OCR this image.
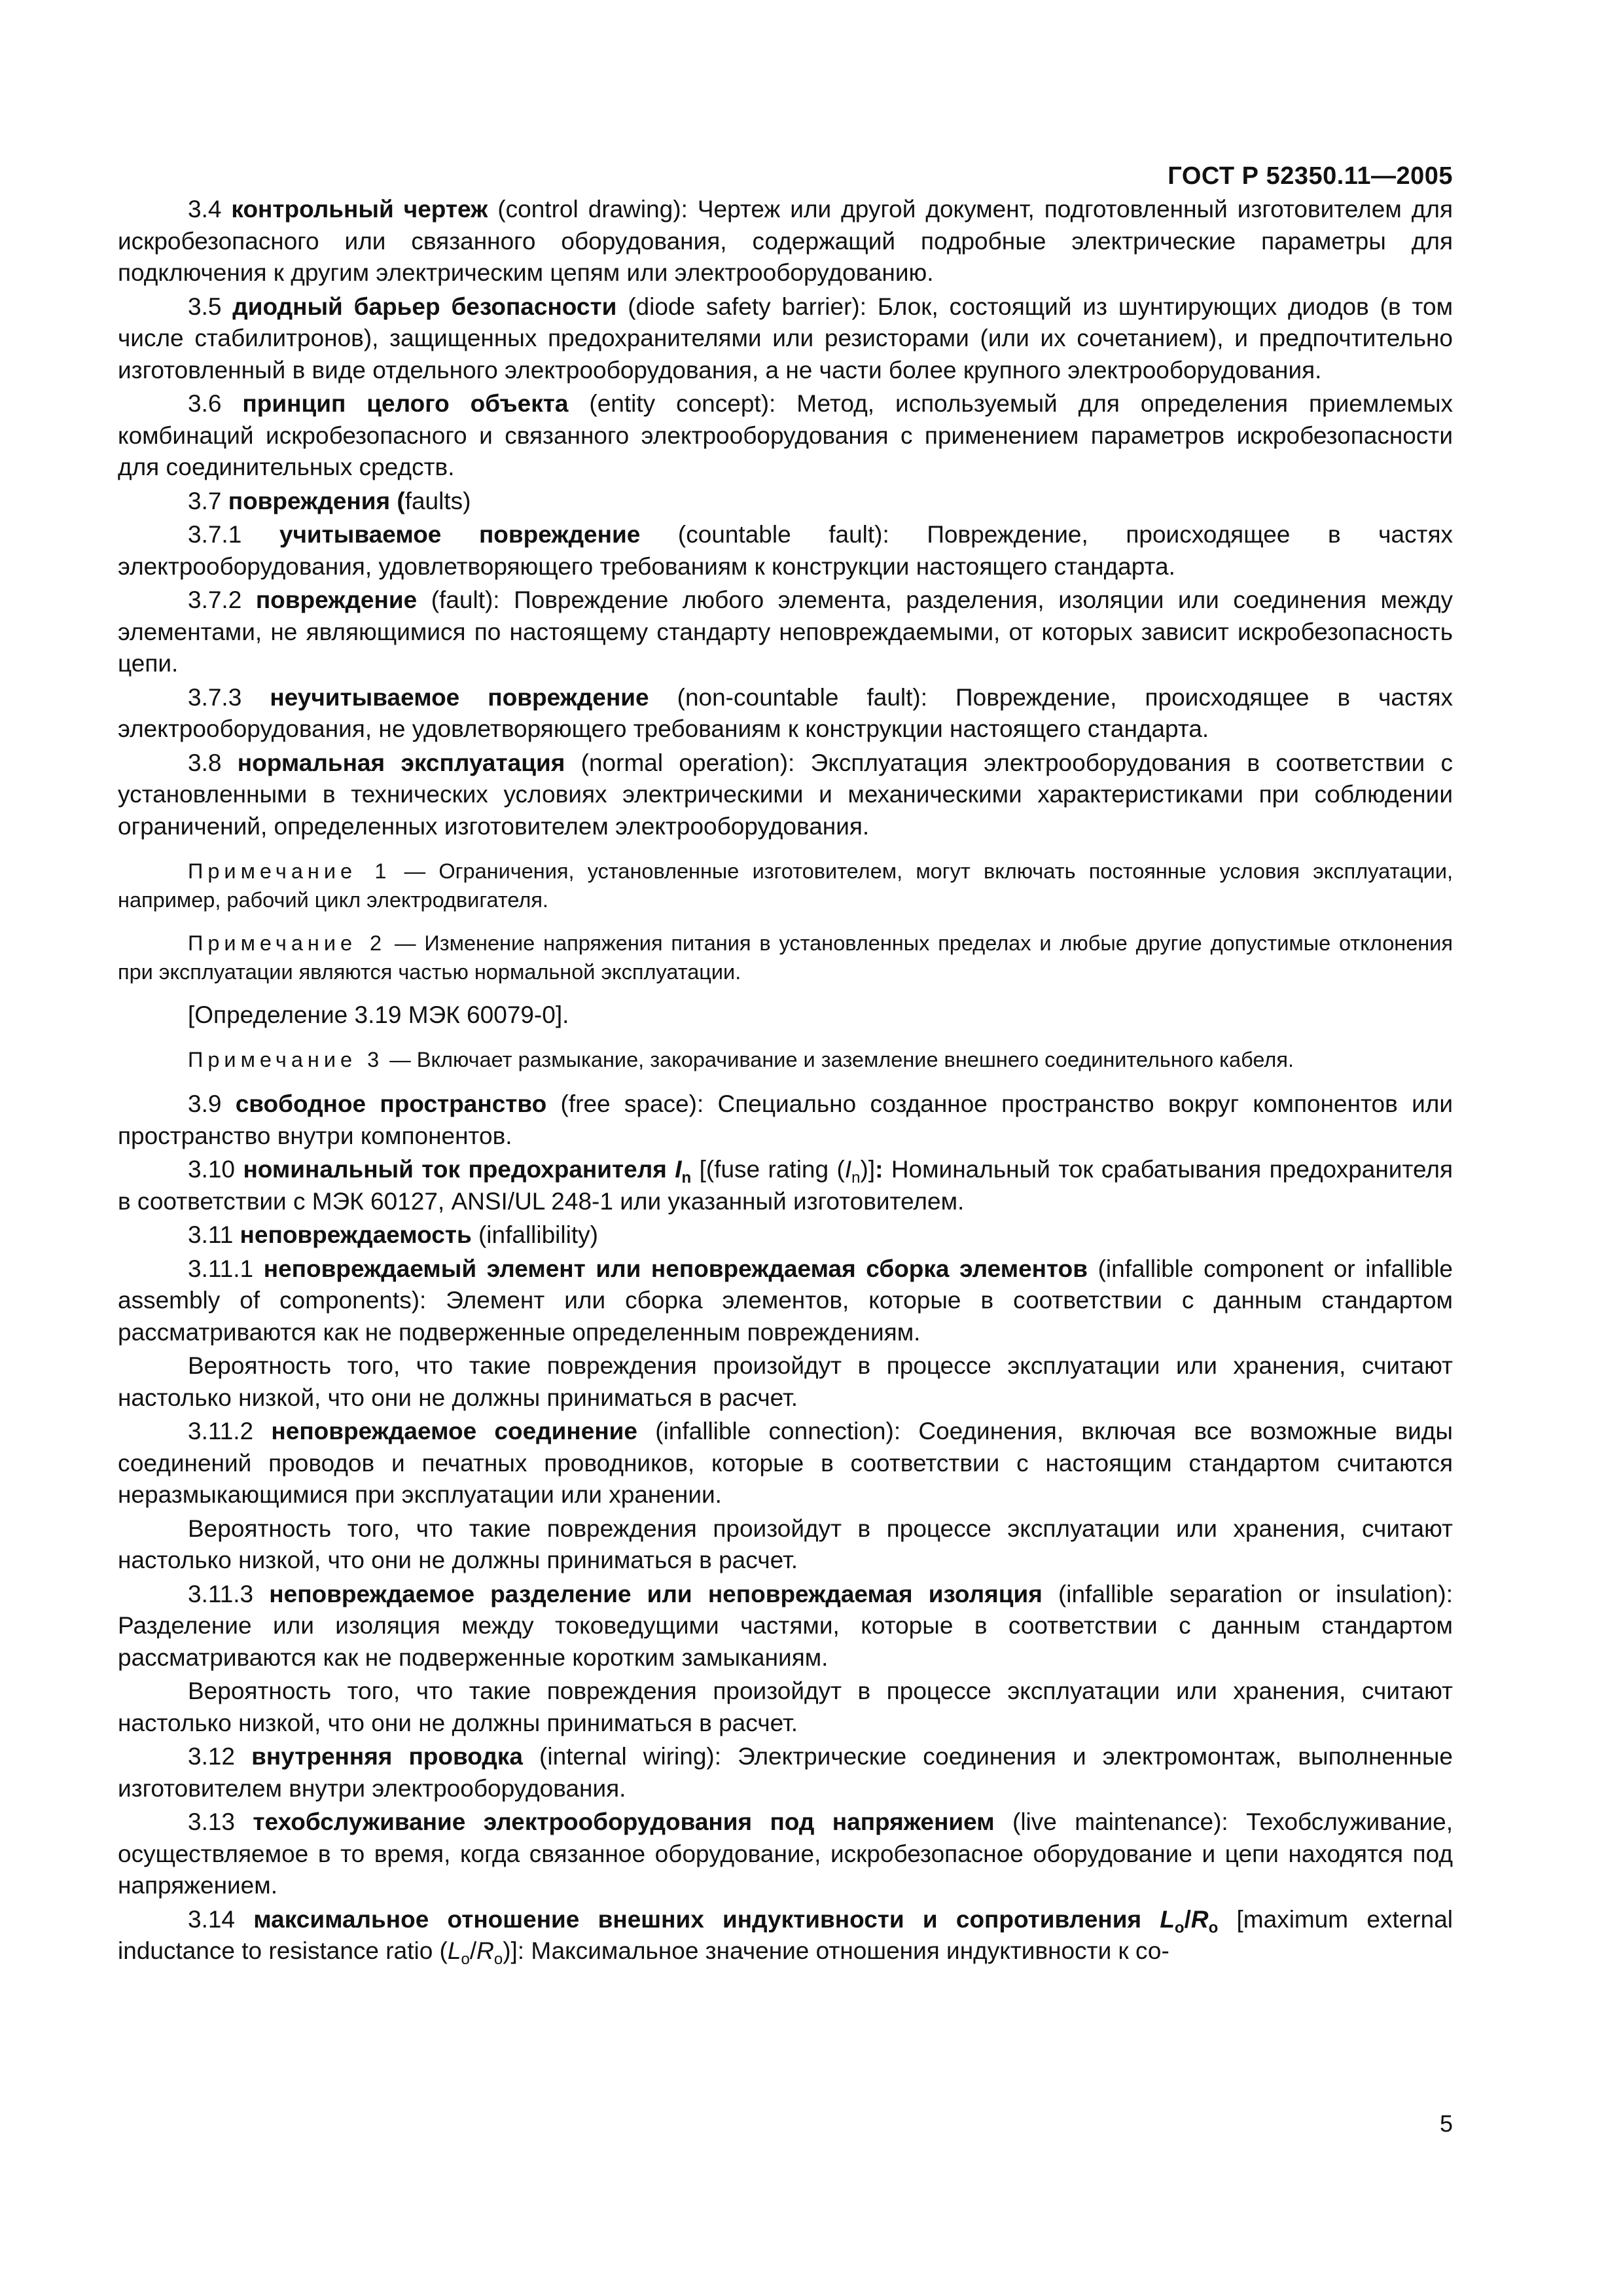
ГОСТ Р 52350.11—2005

3.4 контрольный чертеж (control drawing): Чертеж или другой документ, подготовленный изготовителем для искробезопасного или связанного оборудования, содержащий подробные электрические параметры для подключения к другим электрическим цепям или электрооборудованию.

3.5 диодный барьер безопасности (diode safety barrier): Блок, состоящий из шунтирующих диодов (в том числе стабилитронов), защищенных предохранителями или резисторами (или их сочетанием), и предпочтительно изготовленный в виде отдельного электрооборудования, а не части более крупного электрооборудования.

3.6 принцип целого объекта (entity concept): Метод, используемый для определения приемлемых комбинаций искробезопасного и связанного электрооборудования с применением параметров искробезопасности для соединительных средств.

3.7 повреждения (faults)

3.7.1 учитываемое повреждение (countable fault): Повреждение, происходящее в частях электрооборудования, удовлетворяющего требованиям к конструкции настоящего стандарта.

3.7.2 повреждение (fault): Повреждение любого элемента, разделения, изоляции или соединения между элементами, не являющимися по настоящему стандарту неповреждаемыми, от которых зависит искробезопасность цепи.

3.7.3 неучитываемое повреждение (non-countable fault): Повреждение, происходящее в частях электрооборудования, не удовлетворяющего требованиям к конструкции настоящего стандарта.

3.8 нормальная эксплуатация (normal operation): Эксплуатация электрооборудования в соответствии с установленными в технических условиях электрическими и механическими характеристиками при соблюдении ограничений, определенных изготовителем электрооборудования.

Примечание 1 — Ограничения, установленные изготовителем, могут включать постоянные условия эксплуатации, например, рабочий цикл электродвигателя.

Примечание 2 — Изменение напряжения питания в установленных пределах и любые другие допустимые отклонения при эксплуатации являются частью нормальной эксплуатации.

[Определение 3.19 МЭК 60079-0].

Примечание 3 — Включает размыкание, закорачивание и заземление внешнего соединительного кабеля.

3.9 свободное пространство (free space): Специально созданное пространство вокруг компонентов или пространство внутри компонентов.

3.10 номинальный ток предохранителя $I_n$ [(fuse rating $(I_n)$]: Номинальный ток срабатывания предохранителя в соответствии с МЭК 60127, ANSI/UL 248-1 или указанный изготовителем.

3.11 неповреждаемость (infallibility)

3.11.1 неповреждаемый элемент или неповреждаемая сборка элементов (infallible component or infallible assembly of components): Элемент или сборка элементов, которые в соответствии с данным стандартом рассматриваются как не подверженные определенным повреждениям.

Вероятность того, что такие повреждения произойдут в процессе эксплуатации или хранения, считают настолько низкой, что они не должны приниматься в расчет.

3.11.2 неповреждаемое соединение (infallible connection): Соединения, включая все возможные виды соединений проводов и печатных проводников, которые в соответствии с настоящим стандартом считаются неразмыкающимися при эксплуатации или хранении.

Вероятность того, что такие повреждения произойдут в процессе эксплуатации или хранения, считают настолько низкой, что они не должны приниматься в расчет.

3.11.3 неповреждаемое разделение или неповреждаемая изоляция (infallible separation or insulation): Разделение или изоляция между токоведущими частями, которые в соответствии с данным стандартом рассматриваются как не подверженные коротким замыканиям.

Вероятность того, что такие повреждения произойдут в процессе эксплуатации или хранения, считают настолько низкой, что они не должны приниматься в расчет.

3.12 внутренняя проводка (internal wiring): Электрические соединения и электромонтаж, выполненные изготовителем внутри электрооборудования.

3.13 техобслуживание электрооборудования под напряжением (live maintenance): Техобслуживание, осуществляемое в то время, когда связанное оборудование, искробезопасное оборудование и цепи находятся под напряжением.

3.14 максимальное отношение внешних индуктивности и сопротивления $L_o/R_o$ [maximum external inductance to resistance ratio $(L_o/R_o)$]: Максимальное значение отношения индуктивности к со-

5
